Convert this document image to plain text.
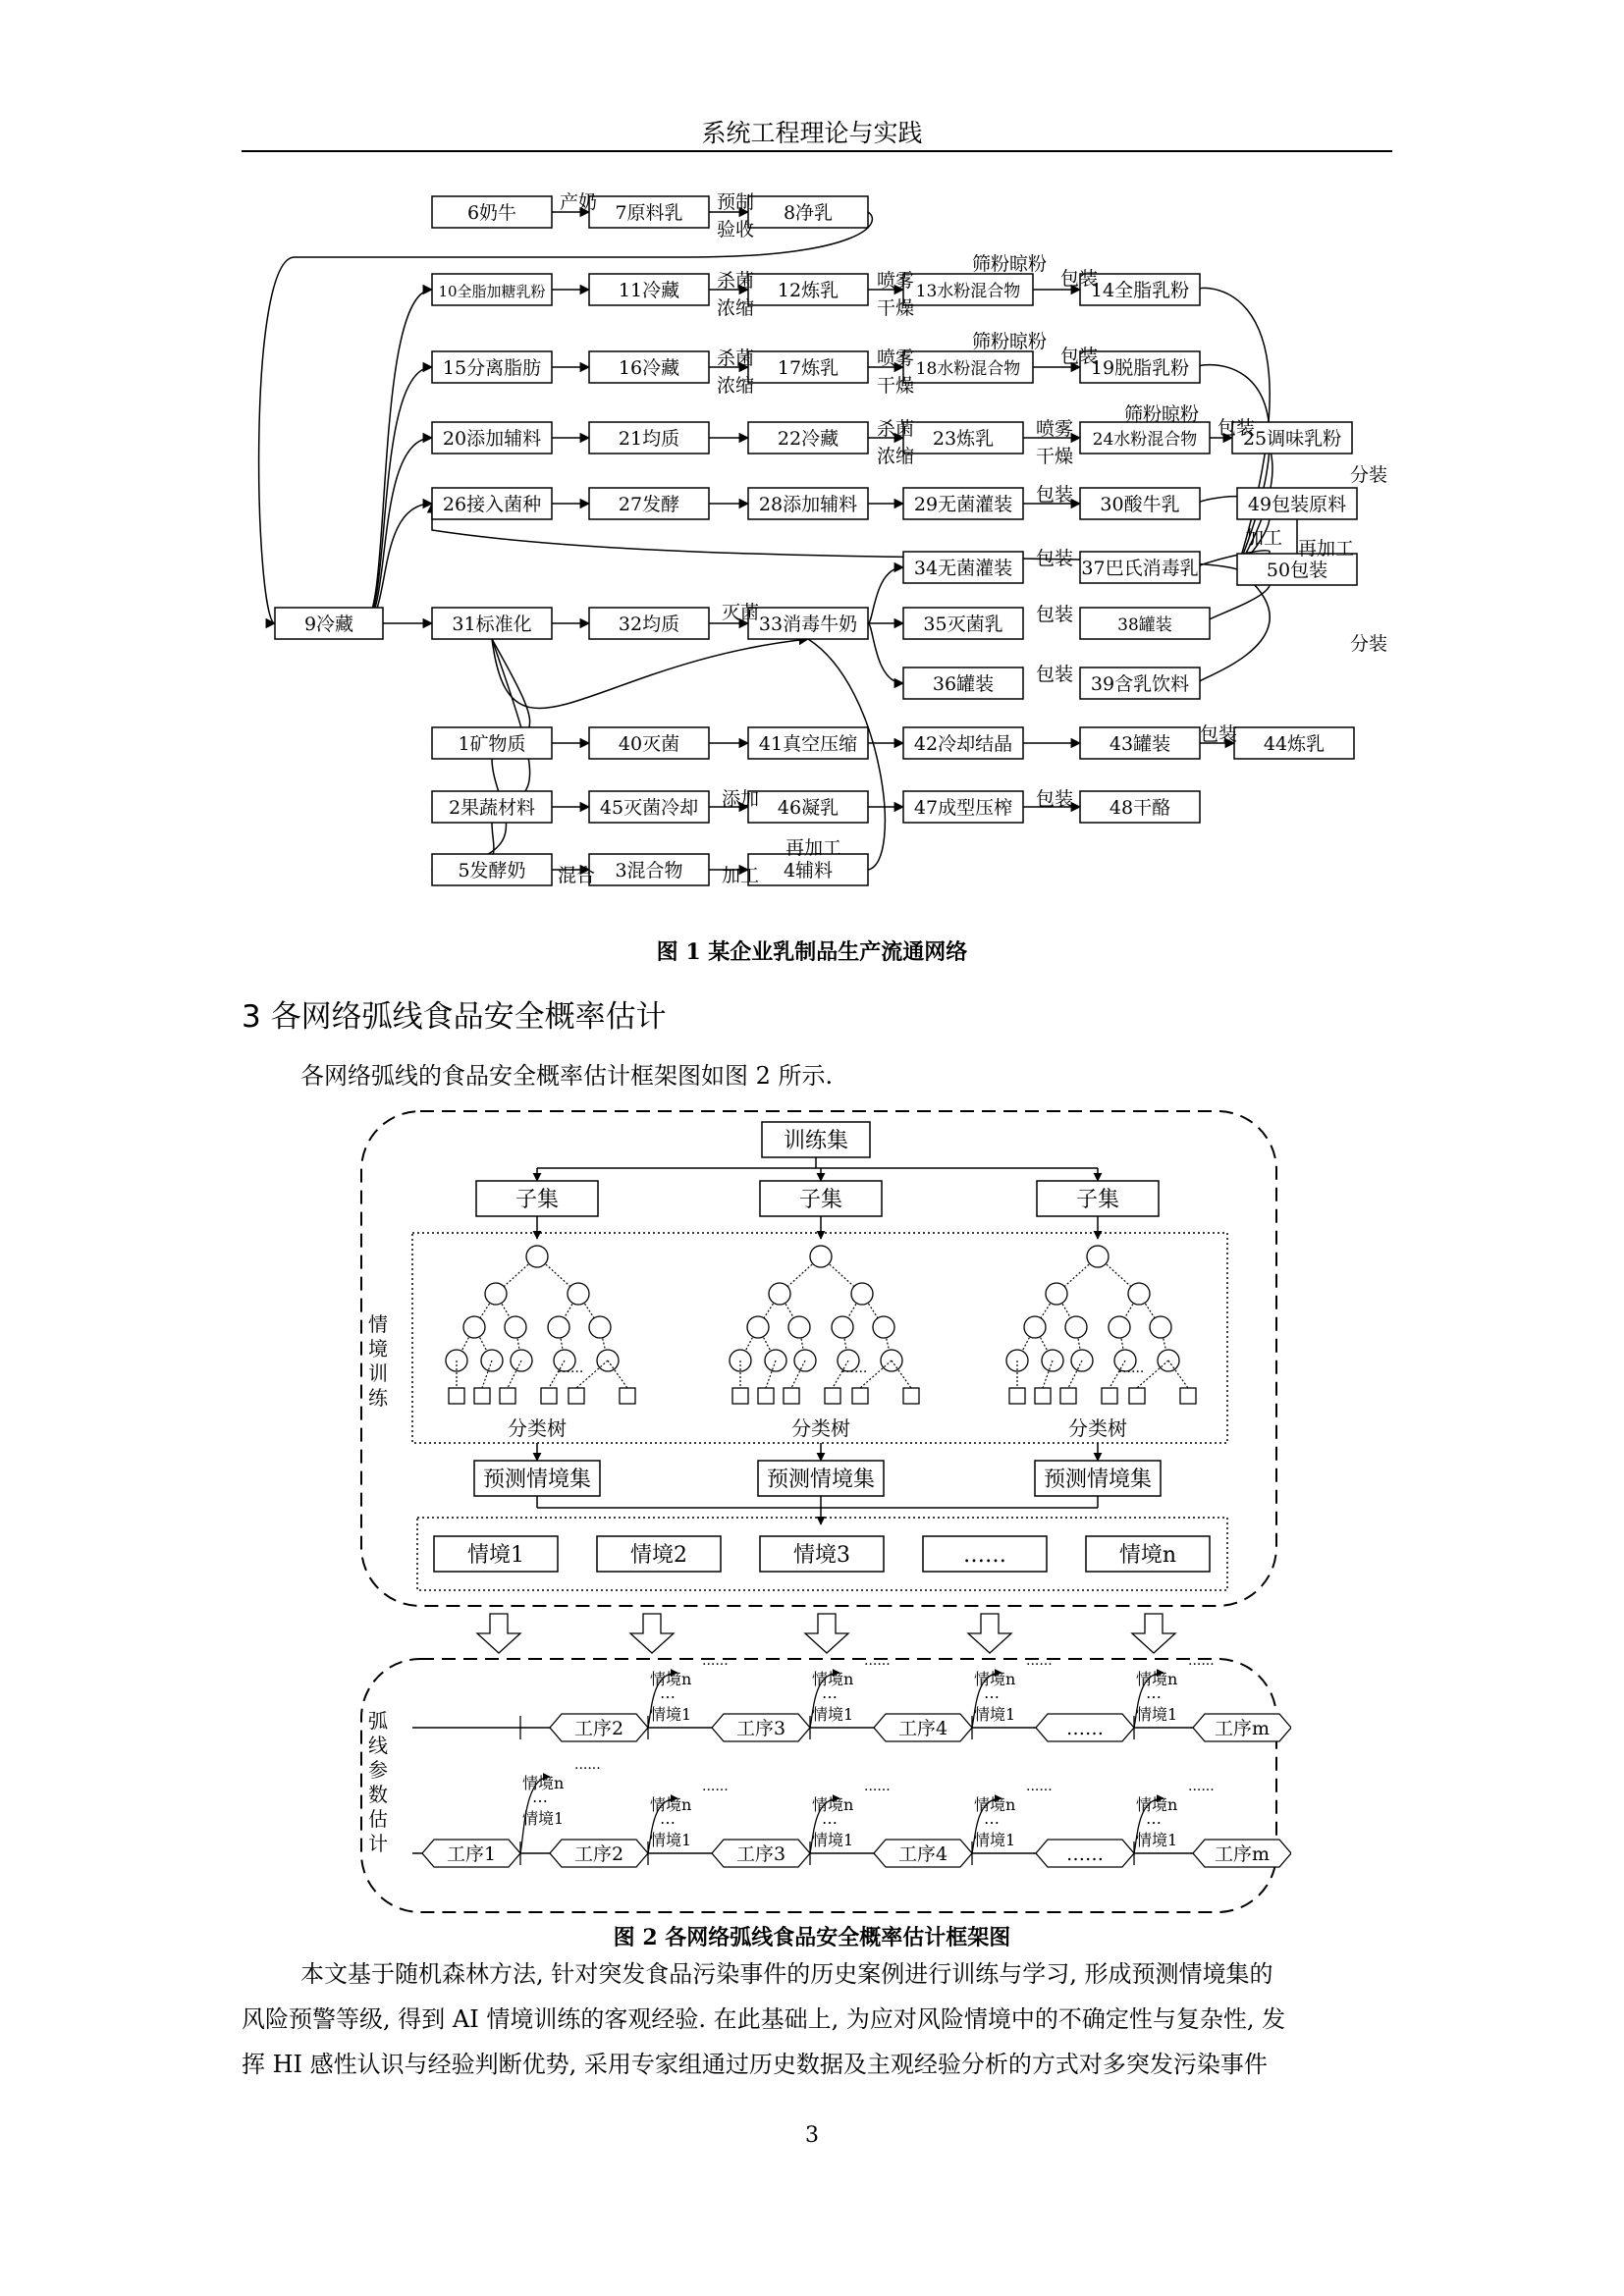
系统工程理论与实践
6奶牛	7原料乳	8净乳
10全脂加糖乳粉	11冷藏	12炼乳	13水粉混合物	14全脂乳粉
15分离脂肪	16冷藏	17炼乳	18水粉混合物	19脱脂乳粉
20添加辅料	21均质	22冷藏	23炼乳	24水粉混合物 25调味乳粉
26接入菌种	27发酵	28添加辅料	29无菌灌装	30酸牛乳	49包装原料
50包装
9冷藏	31标准化	32均质	33消毒牛奶
34无菌灌装
35灭菌乳
36罐装
37巴氏消毒乳
38罐装
39含乳饮料
1矿物质	40灭菌	41真空压缩	42冷却结晶	43罐装	44炼乳
2果蔬材料	45灭菌冷却	46凝乳	47成型压榨	48干酪
5发酵奶	3混合物	4辅料
产奶	预制
验收
杀菌
浓缩
喷雾
干燥
筛粉晾粉
包装
杀菌
浓缩
喷雾
干燥
筛粉晾粉
包装
杀菌
浓缩
喷雾
干燥
筛粉晾粉
包装
分装
包装
加工 再加工
包装
灭菌	包装
分装
包装
包装
添加	包装
混合	加工
再加工
图 1 某企业乳制品生产流通网络
3 各网络弧线食品安全概率估计
各网络弧线的食品安全概率估计框架图如图 2 所示.
训练集
子集
......
分类树
预测情境集
子集
......
分类树
预测情境集
子集
......
分类树
预测情境集
情
境
训
练
情境1	情境2	情境3	……	情境n
弧
线
参
数
估
计
工序2	工序3	工序4	……	工序m
情境n
⋯
情境1
......
情境n
⋯
情境1
......
情境n
⋯
情境1
......
情境n
⋯
情境1
......
工序1	工序2	工序3	工序4	……	工序m
情境n
⋯
情境1
......
情境n
⋯
情境1
......
情境n
⋯
情境1
......
情境n
⋯
情境1
......
情境n
⋯
情境1
......
图 2 各网络弧线食品安全概率估计框架图
本文基于随机森林方法, 针对突发食品污染事件的历史案例进行训练与学习, 形成预测情境集的
风险预警等级, 得到 AI 情境训练的客观经验. 在此基础上, 为应对风险情境中的不确定性与复杂性, 发
挥 HI 感性认识与经验判断优势, 采用专家组通过历史数据及主观经验分析的方式对多突发污染事件
3
